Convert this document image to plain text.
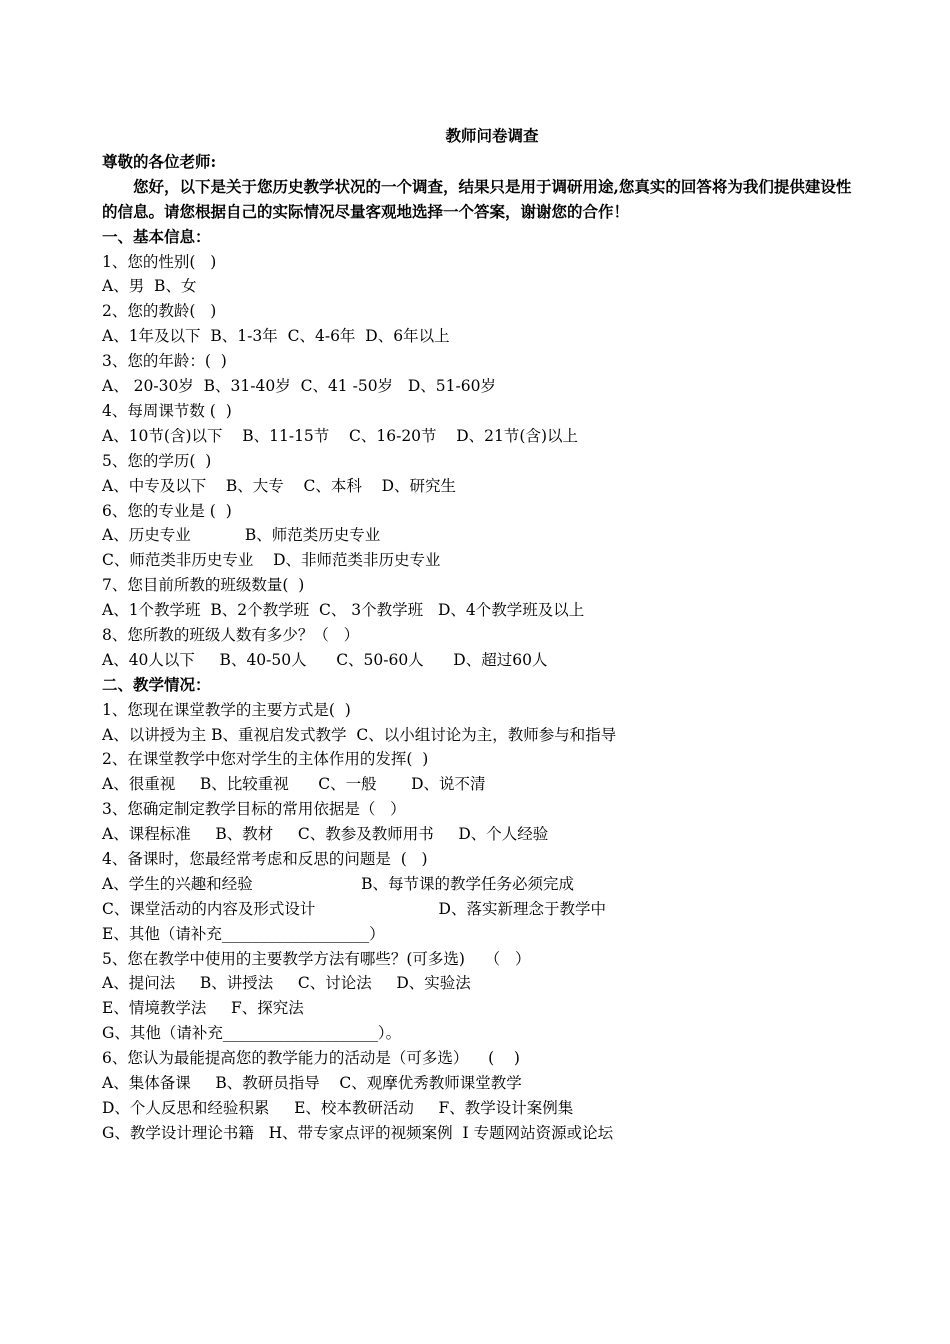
教师问卷调查
尊敬的各位老师:
您好，以下是关于您历史教学状况的一个调查，结果只是用于调研用途,您真实的回答将为我们提供建设性的信息。请您根据自己的实际情况尽量客观地选择一个答案，谢谢您的合作！
一、基本信息：
1、您的性别(   )
A、男  B、女
2、您的教龄(   )
A、1年及以下  B、1-3年  C、4-6年  D、6年以上
3、您的年龄：(  )
A、 20-30岁  B、31-40岁  C、41 -50岁   D、51-60岁
4、每周课节数 (  )
A、10节(含)以下    B、11-15节    C、16-20节    D、21节(含)以上
5、您的学历(  )
A、中专及以下    B、大专    C、本科    D、研究生
6、您的专业是 (  )
A、历史专业           B、师范类历史专业
C、师范类非历史专业    D、非师范类非历史专业
7、您目前所教的班级数量(  )
A、1个教学班  B、2个教学班  C、 3个教学班   D、4个教学班及以上
8、您所教的班级人数有多少？（   ）
A、40人以下     B、40-50人      C、50-60人      D、超过60人
二、教学情况：
1、您现在课堂教学的主要方式是(  )
A、以讲授为主 B、重视启发式教学  C、以小组讨论为主，教师参与和指导
2、在课堂教学中您对学生的主体作用的发挥(  )
A、很重视     B、比较重视      C、一般       D、说不清
3、您确定制定教学目标的常用依据是（   ）
A、课程标准     B、教材     C、教参及教师用书     D、个人经验
4、备课时，您最经常考虑和反思的问题是  (   )
A、学生的兴趣和经验                      B、每节课的教学任务必须完成
C、课堂活动的内容及形式设计                         D、落实新理念于教学中
E、其他（请补充___________________）
5、您在教学中使用的主要教学方法有哪些？(可多选)    （   ）
A、提问法     B、讲授法     C、讨论法     D、实验法
E、情境教学法     F、探究法
G、其他（请补充____________________）。
6、您认为最能提高您的教学能力的活动是（可多选）    (    )
A、集体备课     B、教研员指导    C、观摩优秀教师课堂教学
D、个人反思和经验积累     E、校本教研活动     F、教学设计案例集
G、教学设计理论书籍   H、带专家点评的视频案例  I 专题网站资源或论坛
